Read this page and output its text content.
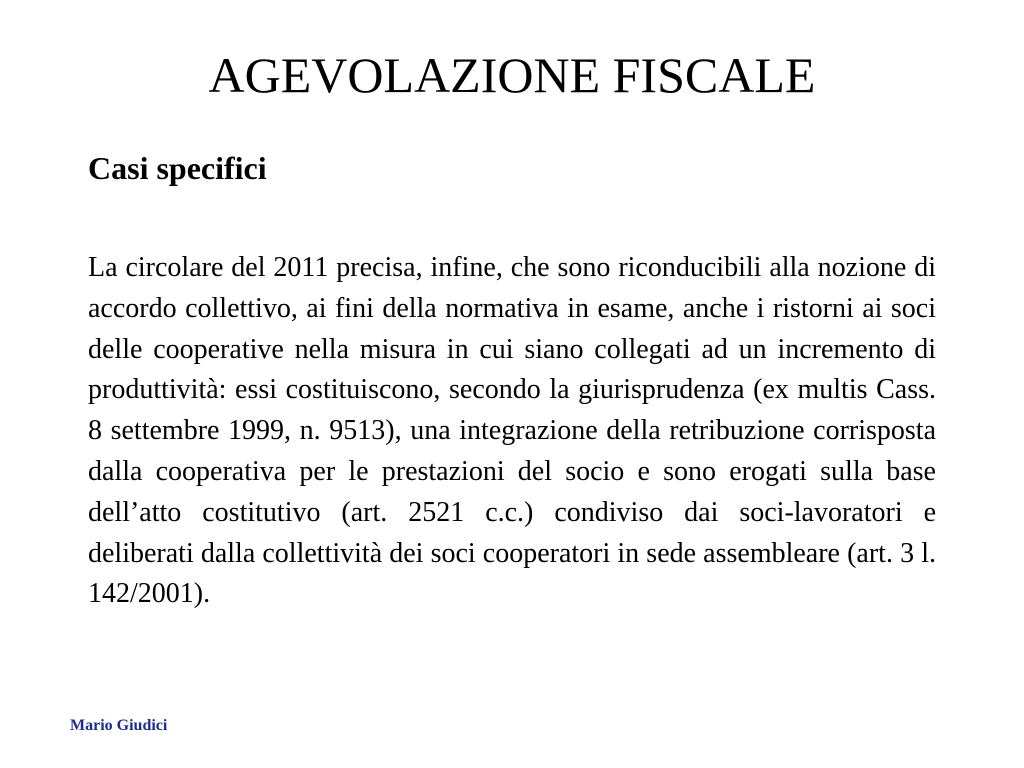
AGEVOLAZIONE FISCALE
Casi specifici

La circolare del 2011 precisa, infine, che sono riconducibili alla nozione di accordo collettivo, ai fini della normativa in esame, anche i ristorni ai soci delle cooperative nella misura in cui siano collegati ad un incremento di produttività: essi costituiscono, secondo la giurisprudenza (ex multis Cass. 8 settembre 1999, n. 9513), una integrazione della retribuzione corrisposta dalla cooperativa per le prestazioni del socio e sono erogati sulla base dell’atto costitutivo (art. 2521 c.c.) condiviso dai soci-lavoratori e deliberati dalla collettività dei soci cooperatori in sede assembleare (art. 3 l. 142/2001).

Mario Giudici
